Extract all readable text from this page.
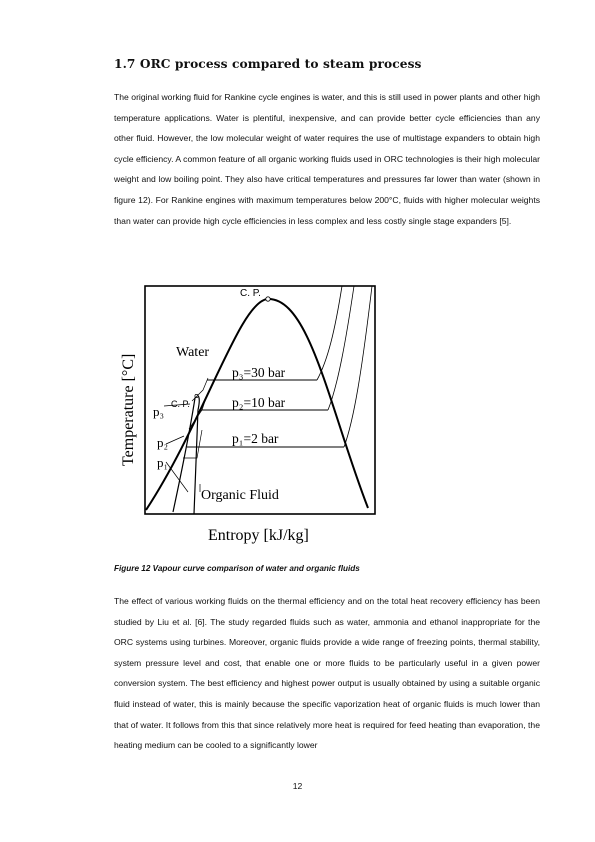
1.7 ORC process compared to steam process

The original working fluid for Rankine cycle engines is water, and this is still used in power plants and other high temperature applications. Water is plentiful, inexpensive, and can provide better cycle efficiencies than any other fluid. However, the low molecular weight of water requires the use of multistage expanders to obtain high cycle efficiency. A common feature of all organic working fluids used in ORC technologies is their high molecular weight and low boiling point. They also have critical temperatures and pressures far lower than water (shown in figure 12). For Rankine engines with maximum temperatures below 200°C, fluids with higher molecular weights than water can provide high cycle efficiencies in less complex and less costly single stage expanders [5].

C. P.
Water
p₃=30 bar
p₂=10 bar
p₁=2 bar
C. P.
p₃
p₂
p₁
Organic Fluid
Entropy [kJ/kg]
Temperature [°C]

Figure 12 Vapour curve comparison of water and organic fluids

The effect of various working fluids on the thermal efficiency and on the total heat recovery efficiency has been studied by Liu et al. [6]. The study regarded fluids such as water, ammonia and ethanol inappropriate for the ORC systems using turbines. Moreover, organic fluids provide a wide range of freezing points, thermal stability, system pressure level and cost, that enable one or more fluids to be particularly useful in a given power conversion system. The best efficiency and highest power output is usually obtained by using a suitable organic fluid instead of water, this is mainly because the specific vaporization heat of organic fluids is much lower than that of water. It follows from this that since relatively more heat is required for feed heating than evaporation, the heating medium can be cooled to a significantly lower

12
